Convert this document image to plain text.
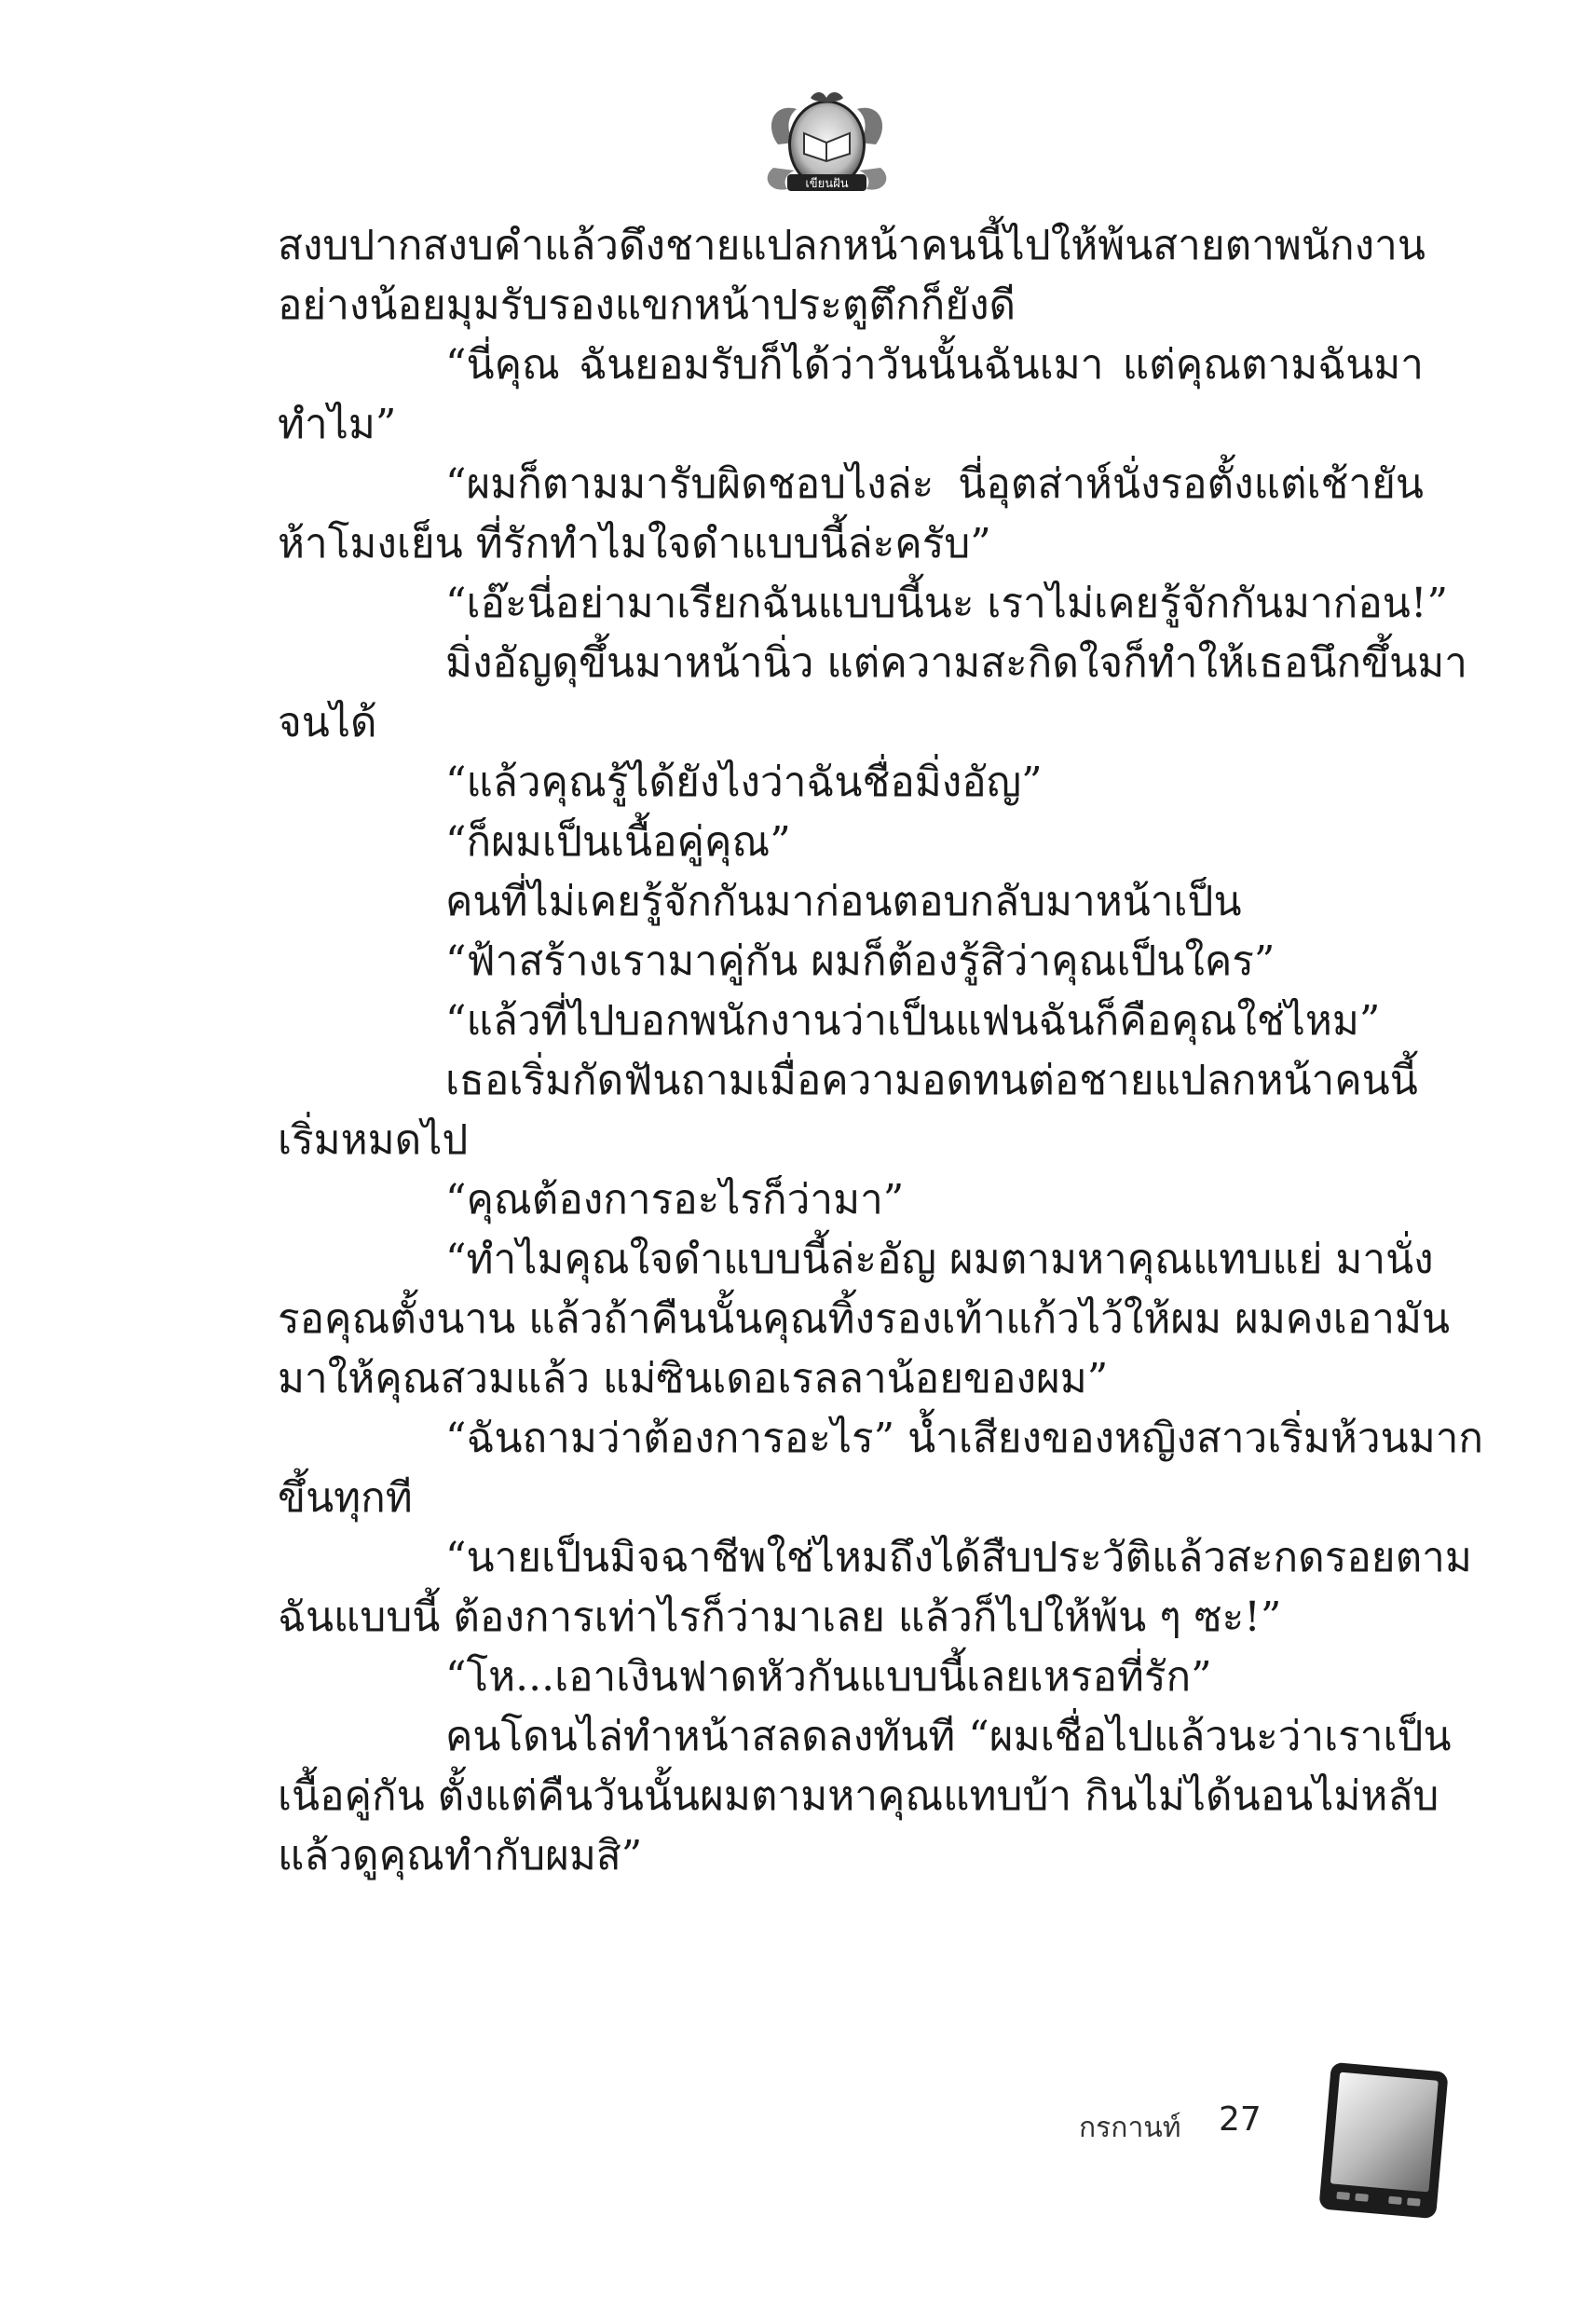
เขียนฝัน
สงบปากสงบคำแล้วดึงชายแปลกหน้าคนนี้ไปให้พ้นสายตาพนักงาน
อย่างน้อยมุมรับรองแขกหน้าประตูตึกก็ยังดี
“นี่คุณ ฉันยอมรับก็ได้ว่าวันนั้นฉันเมา แต่คุณตามฉันมา
ทำไม”
“ผมก็ตามมารับผิดชอบไงล่ะ นี่อุตส่าห์นั่งรอตั้งแต่เช้ายัน
ห้าโมงเย็น ที่รักทำไมใจดำแบบนี้ล่ะครับ”
“เอ๊ะนี่อย่ามาเรียกฉันแบบนี้นะ เราไม่เคยรู้จักกันมาก่อน!”
มิ่งอัญดุขึ้นมาหน้านิ่ว แต่ความสะกิดใจก็ทำให้เธอนึกขึ้นมา
จนได้
“แล้วคุณรู้ได้ยังไงว่าฉันชื่อมิ่งอัญ”
“ก็ผมเป็นเนื้อคู่คุณ”
คนที่ไม่เคยรู้จักกันมาก่อนตอบกลับมาหน้าเป็น
“ฟ้าสร้างเรามาคู่กัน ผมก็ต้องรู้สิว่าคุณเป็นใคร”
“แล้วที่ไปบอกพนักงานว่าเป็นแฟนฉันก็คือคุณใช่ไหม”
เธอเริ่มกัดฟันถามเมื่อความอดทนต่อชายแปลกหน้าคนนี้
เริ่มหมดไป
“คุณต้องการอะไรก็ว่ามา”
“ทำไมคุณใจดำแบบนี้ล่ะอัญ ผมตามหาคุณแทบแย่ มานั่ง
รอคุณตั้งนาน แล้วถ้าคืนนั้นคุณทิ้งรองเท้าแก้วไว้ให้ผม ผมคงเอามัน
มาให้คุณสวมแล้ว แม่ซินเดอเรลลาน้อยของผม”
“ฉันถามว่าต้องการอะไร” น้ำเสียงของหญิงสาวเริ่มห้วนมาก
ขึ้นทุกที
“นายเป็นมิจฉาชีพใช่ไหมถึงได้สืบประวัติแล้วสะกดรอยตาม
ฉันแบบนี้ ต้องการเท่าไรก็ว่ามาเลย แล้วก็ไปให้พ้น ๆ ซะ!”
“โห...เอาเงินฟาดหัวกันแบบนี้เลยเหรอที่รัก”
คนโดนไล่ทำหน้าสลดลงทันที “ผมเชื่อไปแล้วนะว่าเราเป็น
เนื้อคู่กัน ตั้งแต่คืนวันนั้นผมตามหาคุณแทบบ้า กินไม่ได้นอนไม่หลับ
แล้วดูคุณทำกับผมสิ”
กรกานท์ 27
